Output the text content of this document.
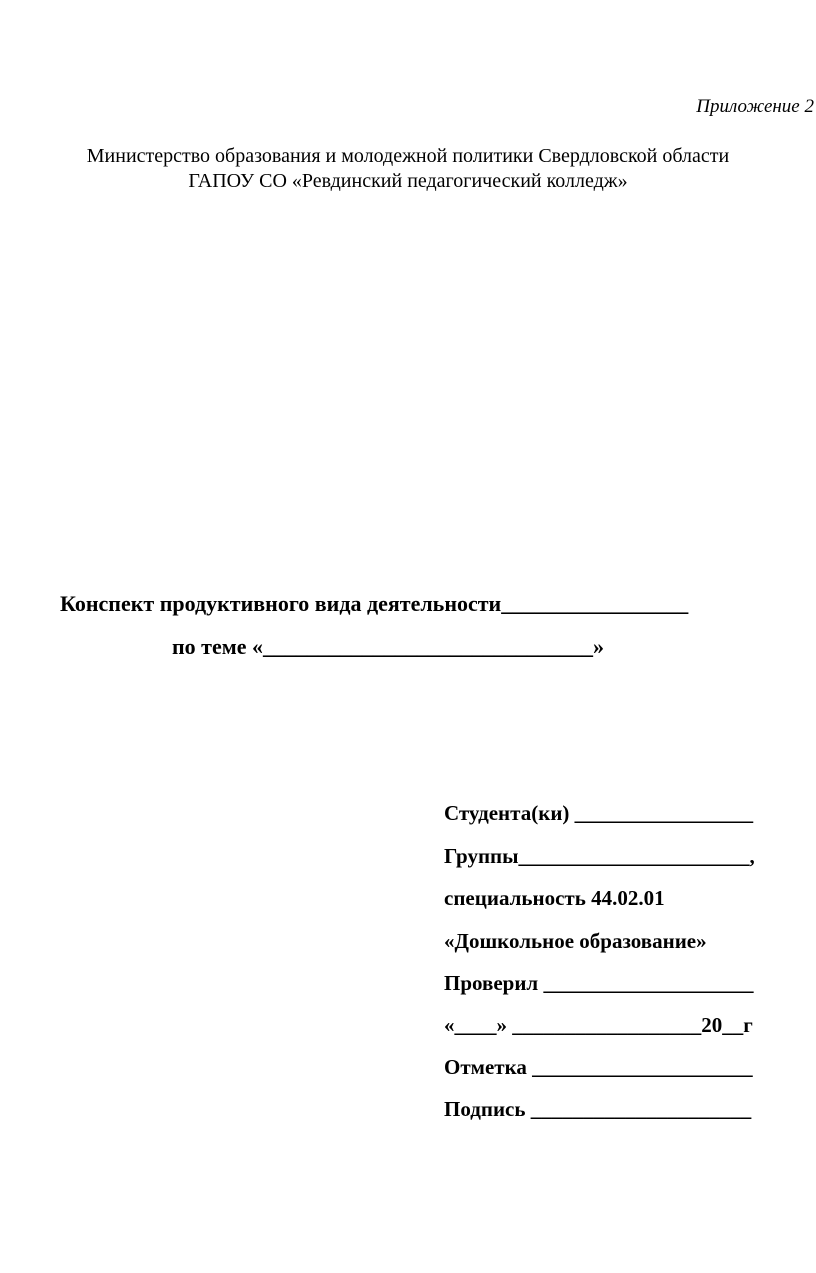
Приложение 2
Министерство образования и молодежной политики Свердловской области
ГАПОУ СО «Ревдинский педагогический колледж»
Конспект продуктивного вида деятельности_________________
по теме «______________________________»
Студента(ки) _________________
Группы______________________,
специальность 44.02.01
«Дошкольное образование»
Проверил ____________________
«____» __________________20__г
Отметка _____________________
Подпись _____________________
